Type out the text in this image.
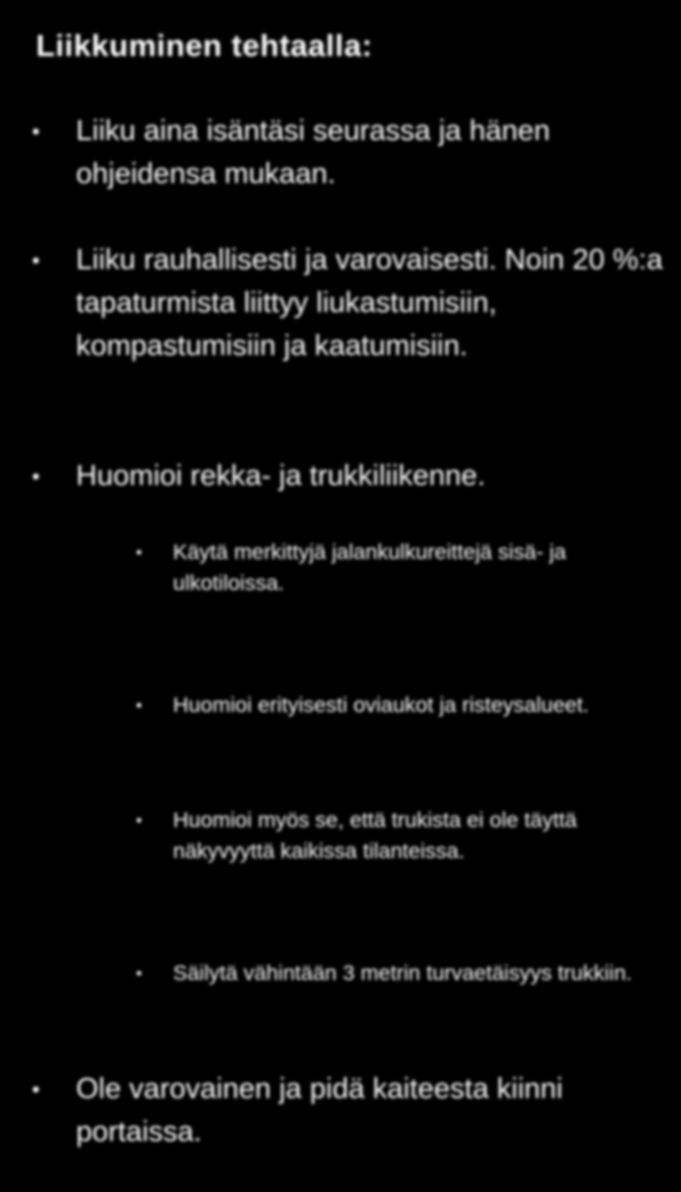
Liikkuminen tehtaalla:
• Liiku aina isäntäsi seurassa ja hänen ohjeidensa mukaan.
• Liiku rauhallisesti ja varovaisesti. Noin 20 %:a tapaturmista liittyy liukastumisiin, kompastumisiin ja kaatumisiin.
• Huomioi rekka- ja trukkiliikenne.
• Käytä merkittyjä jalankulkureittejä sisä- ja ulkotiloissa.
• Huomioi erityisesti oviaukot ja risteysalueet.
• Huomioi myös se, että trukista ei ole täyttä näkyvyyttä kaikissa tilanteissa.
• Säilytä vähintään 3 metrin turvaetäisyys trukkiin.
• Ole varovainen ja pidä kaiteesta kiinni portaissa.
